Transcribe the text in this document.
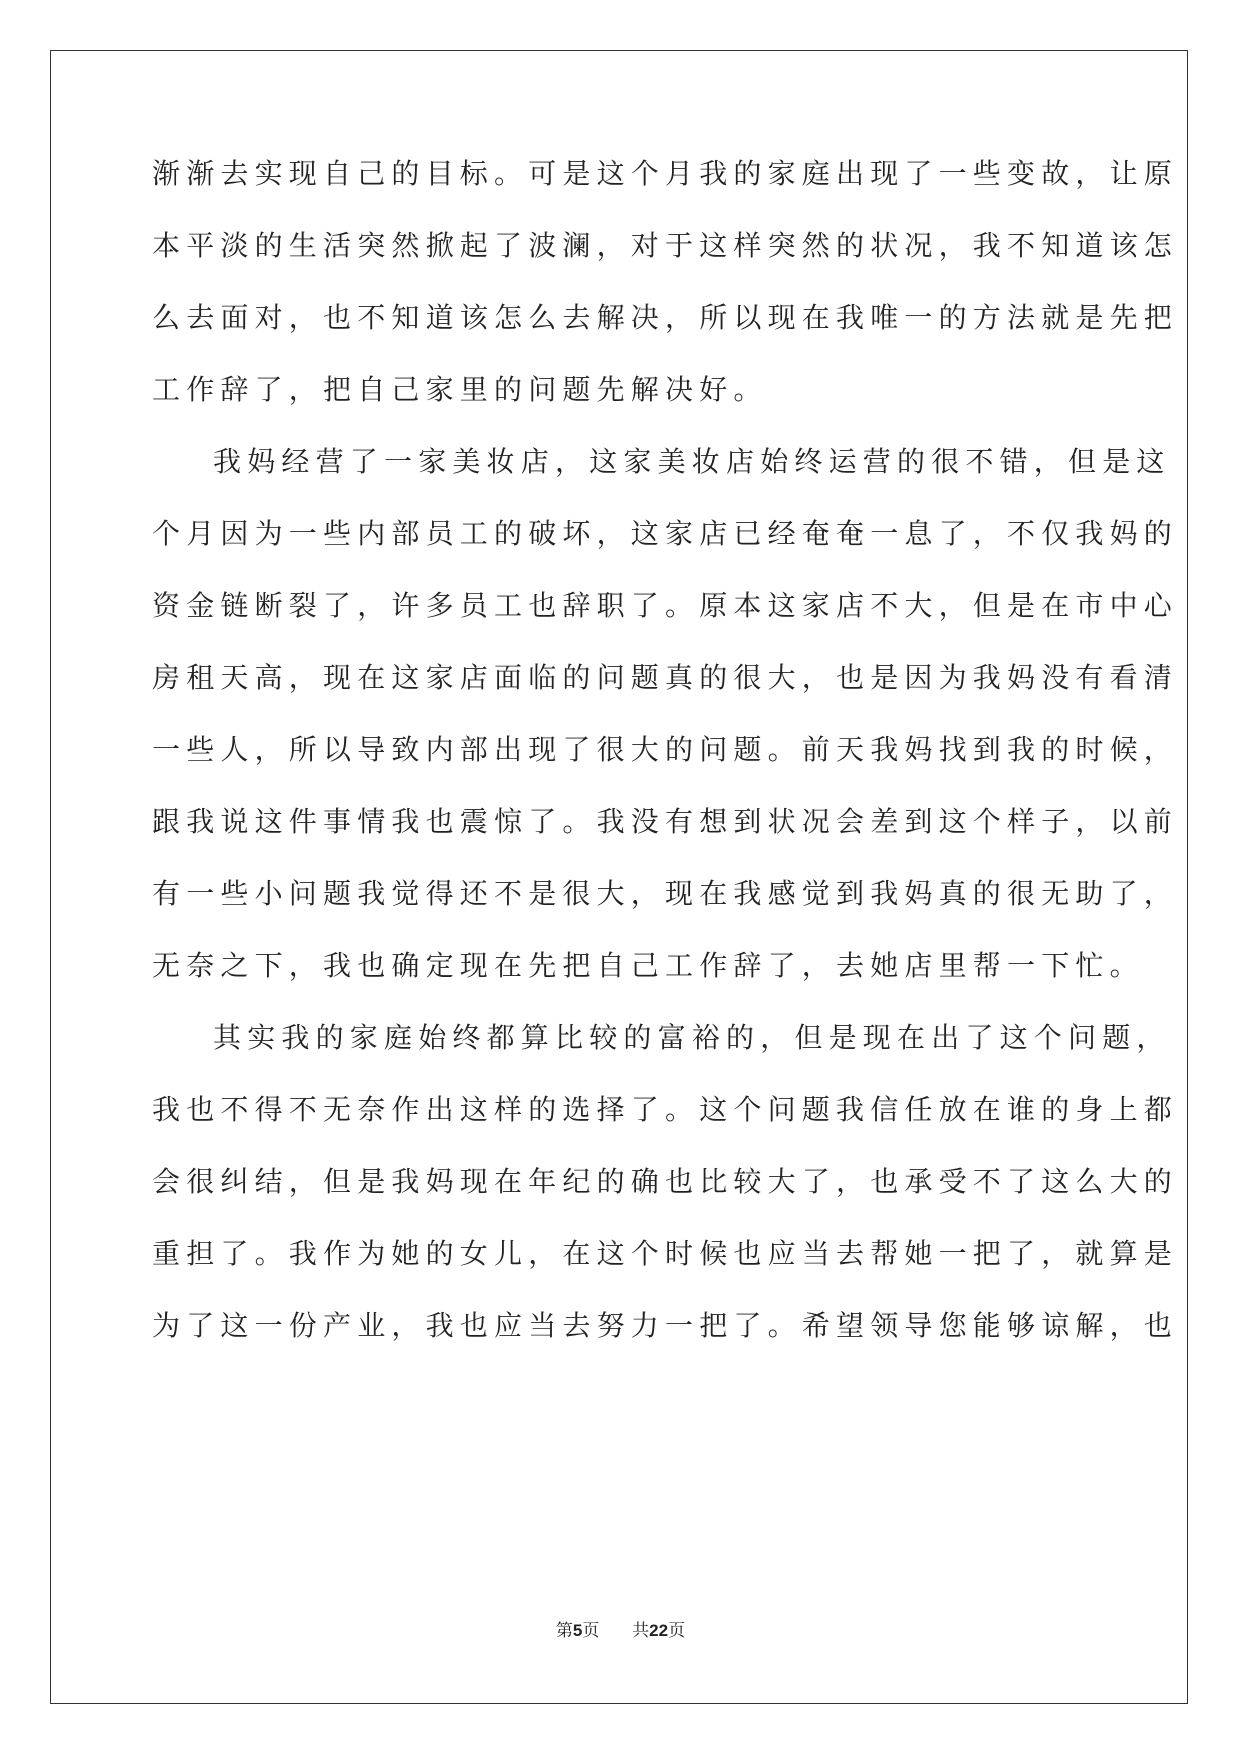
渐渐去实现自己的目标。可是这个月我的家庭出现了一些变故，让原
本平淡的生活突然掀起了波澜，对于这样突然的状况，我不知道该怎
么去面对，也不知道该怎么去解决，所以现在我唯一的方法就是先把
工作辞了，把自己家里的问题先解决好。
我妈经营了一家美妆店，这家美妆店始终运营的很不错，但是这
个月因为一些内部员工的破坏，这家店已经奄奄一息了，不仅我妈的
资金链断裂了，许多员工也辞职了。原本这家店不大，但是在市中心
房租天高，现在这家店面临的问题真的很大，也是因为我妈没有看清
一些人，所以导致内部出现了很大的问题。前天我妈找到我的时候，
跟我说这件事情我也震惊了。我没有想到状况会差到这个样子，以前
有一些小问题我觉得还不是很大，现在我感觉到我妈真的很无助了，
无奈之下，我也确定现在先把自己工作辞了，去她店里帮一下忙。
其实我的家庭始终都算比较的富裕的，但是现在出了这个问题，
我也不得不无奈作出这样的选择了。这个问题我信任放在谁的身上都
会很纠结，但是我妈现在年纪的确也比较大了，也承受不了这么大的
重担了。我作为她的女儿，在这个时候也应当去帮她一把了，就算是
为了这一份产业，我也应当去努力一把了。希望领导您能够谅解，也
第5页 共22页
